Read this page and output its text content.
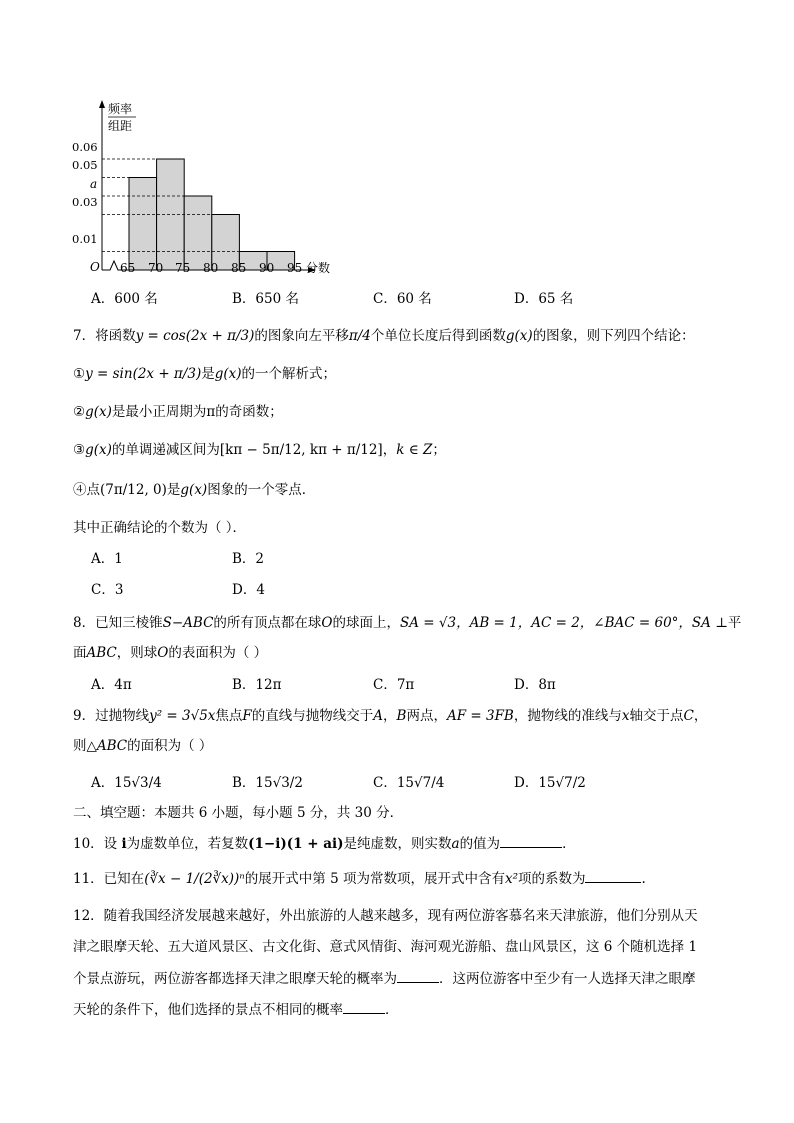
频率
组距
0.06
0.05
a
0.03
0.01
O 65 70 75 80 85 90 95 分数
A．600 名	B．650 名	C．60 名	D．65 名
7．将函数y = cos(2x + π/3)的图象向左平移π/4个单位长度后得到函数g(x)的图象，则下列四个结论：
①y = sin(2x + π/3)是g(x)的一个解析式；
②g(x)是最小正周期为π的奇函数；
③g(x)的单调递减区间为[kπ − 5π/12, kπ + π/12]，k ∈ Z；
④点(7π/12, 0)是g(x)图象的一个零点．
其中正确结论的个数为（ ）．
A．1	B．2
C．3	D．4
8．已知三棱锥S−ABC的所有顶点都在球O的球面上，SA = √3，AB = 1，AC = 2，∠BAC = 60°，SA ⊥平
面ABC，则球O的表面积为（ ）
A．4π	B．12π	C．7π	D．8π
9．过抛物线y² = 3√5x焦点F的直线与抛物线交于A，B两点，AF = 3FB，抛物线的准线与x轴交于点C，
则△ABC的面积为（ ）
A．15√3/4	B．15√3/2	C．15√7/4	D．15√7/2
二、填空题：本题共 6 小题，每小题 5 分，共 30 分．
10．设 i为虚数单位，若复数(1−i)(1 + ai)是纯虚数，则实数a的值为	．
11．已知在(∛x − 1/(2∛x))ⁿ的展开式中第 5 项为常数项，展开式中含有x²项的系数为	.
12．随着我国经济发展越来越好，外出旅游的人越来越多，现有两位游客慕名来天津旅游，他们分别从天
津之眼摩天轮、五大道风景区、古文化街、意式风情街、海河观光游船、盘山风景区，这 6 个随机选择 1
个景点游玩，两位游客都选择天津之眼摩天轮的概率为	．这两位游客中至少有一人选择天津之眼摩
天轮的条件下，他们选择的景点不相同的概率	．
